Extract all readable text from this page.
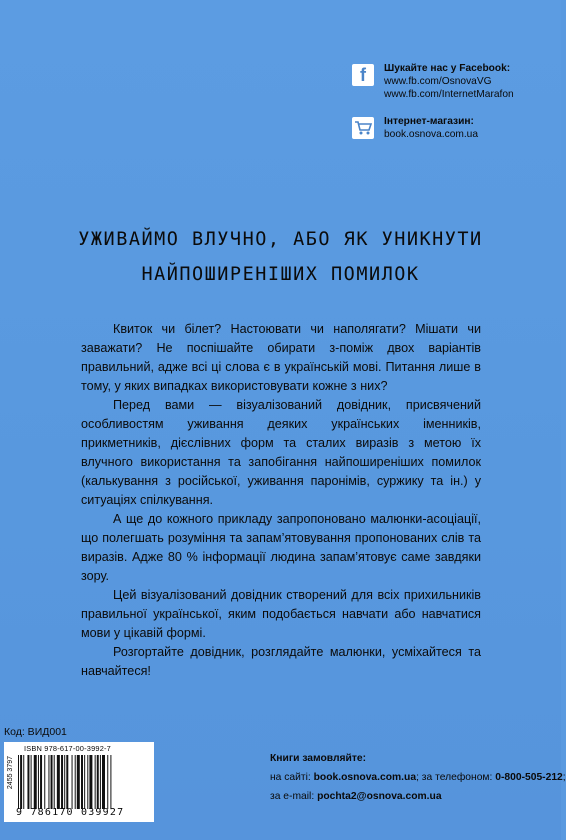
f	Шукайте нас у Facebook:
www.fb.com/OsnovaVG
www.fb.com/InternetMarafon
Інтернет-магазин:
book.osnova.com.ua
УЖИВАЙМО ВЛУЧНО, АБО ЯК УНИКНУТИ
НАЙПОШИРЕНІШИХ ПОМИЛОК

Квиток чи білет? Настоювати чи наполягати? Мішати чи заважати? Не поспішайте обирати з-поміж двох варіантів правильний, адже всі ці слова є в українській мові. Питання лише в тому, у яких випадках використовувати кожне з них?

Перед вами — візуалізований довідник, присвячений особливостям уживання деяких українських іменників, прикметників, дієслівних форм та сталих виразів з метою їх влучного використання та запобігання найпоширеніших помилок (калькування з російської, уживання паронімів, суржику та ін.) у ситуаціях спілкування.

А ще до кожного прикладу запропоновано малюнки-асоціації, що полегшать розуміння та запам’ятовування пропонованих слів та виразів. Адже 80 % інформації людина запам’ятовує саме завдяки зору.

Цей візуалізований довідник створений для всіх прихильників правильної української, яким подобається навчати або навчатися мови у цікавій формі.

Розгортайте довідник, розглядайте малюнки, усміхайтеся та навчайтеся!

Код: ВИД001
ISBN 978-617-00-3992-7
2455 3797
9 786170 039927
Книги замовляйте:
на сайті: book.osnova.com.ua; за телефоном: 0-800-505-212;
за e-mail: pochta2@osnova.com.ua
